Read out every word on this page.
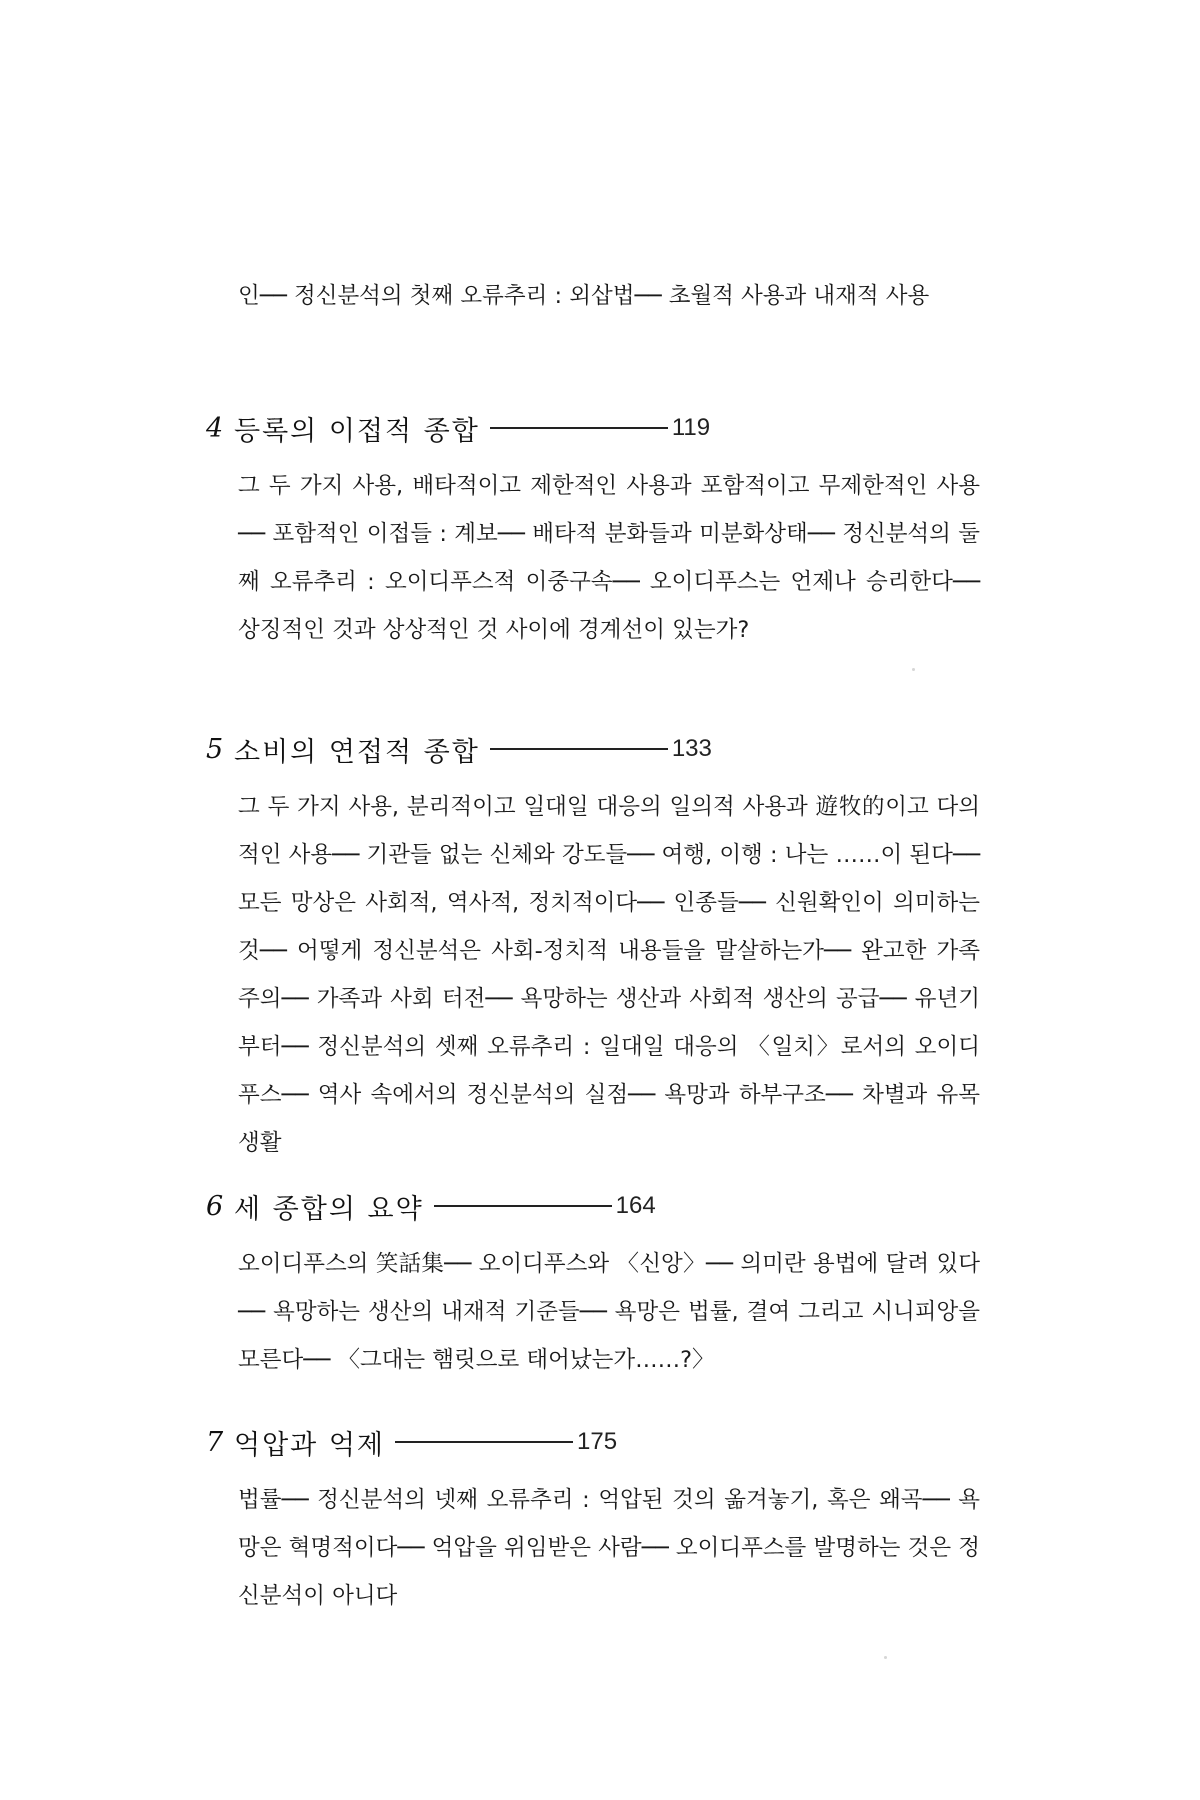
인── 정신분석의 첫째 오류추리 : 외삽법── 초월적 사용과 내재적 사용
4 등록의 이접적 종합	119
그 두 가지 사용, 배타적이고 제한적인 사용과 포함적이고 무제한적인 사용── 포함적인 이접들 : 계보── 배타적 분화들과 미분화상태── 정신분석의 둘째 오류추리 : 오이디푸스적 이중구속── 오이디푸스는 언제나 승리한다── 상징적인 것과 상상적인 것 사이에 경계선이 있는가?
5 소비의 연접적 종합	133
그 두 가지 사용, 분리적이고 일대일 대응의 일의적 사용과 遊牧的이고 다의적인 사용── 기관들 없는 신체와 강도들── 여행, 이행 : 나는 ……이 된다── 모든 망상은 사회적, 역사적, 정치적이다── 인종들── 신원확인이 의미하는 것── 어떻게 정신분석은 사회-정치적 내용들을 말살하는가── 완고한 가족주의── 가족과 사회 터전── 욕망하는 생산과 사회적 생산의 공급── 유년기부터── 정신분석의 셋째 오류추리 : 일대일 대응의 〈일치〉로서의 오이디푸스── 역사 속에서의 정신분석의 실점── 욕망과 하부구조── 차별과 유목생활
6 세 종합의 요약	164
오이디푸스의 笑話集── 오이디푸스와 〈신앙〉── 의미란 용법에 달려 있다── 욕망하는 생산의 내재적 기준들── 욕망은 법률, 결여 그리고 시니피앙을 모른다── 〈그대는 햄릿으로 태어났는가……?〉
7 억압과 억제	175
법률── 정신분석의 넷째 오류추리 : 억압된 것의 옮겨놓기, 혹은 왜곡── 욕망은 혁명적이다── 억압을 위임받은 사람── 오이디푸스를 발명하는 것은 정신분석이 아니다
